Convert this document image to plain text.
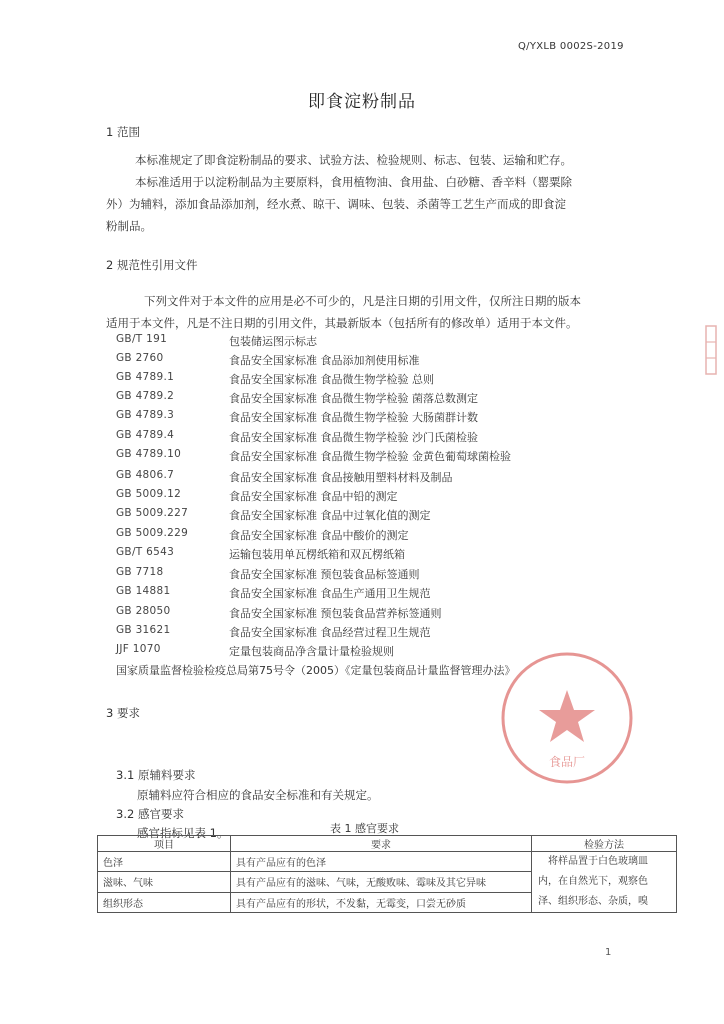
Q/YXLB 0002S-2019
即食淀粉制品
1 范围
本标准规定了即食淀粉制品的要求、试验方法、检验规则、标志、包装、运输和贮存。
本标准适用于以淀粉制品为主要原料，食用植物油、食用盐、白砂糖、香辛料（罂粟除
外）为辅料，添加食品添加剂，经水煮、晾干、调味、包装、杀菌等工艺生产而成的即食淀
粉制品。
2 规范性引用文件
下列文件对于本文件的应用是必不可少的，凡是注日期的引用文件，仅所注日期的版本
适用于本文件，凡是不注日期的引用文件，其最新版本（包括所有的修改单）适用于本文件。
GB/T 191	包装储运图示标志
GB 2760	食品安全国家标准 食品添加剂使用标准
GB 4789.1	食品安全国家标准 食品微生物学检验 总则
GB 4789.2	食品安全国家标准 食品微生物学检验 菌落总数测定
GB 4789.3	食品安全国家标准 食品微生物学检验 大肠菌群计数
GB 4789.4	食品安全国家标准 食品微生物学检验 沙门氏菌检验
GB 4789.10	食品安全国家标准 食品微生物学检验 金黄色葡萄球菌检验
GB 4806.7	食品安全国家标准 食品接触用塑料材料及制品
GB 5009.12	食品安全国家标准 食品中铅的测定
GB 5009.227	食品安全国家标准 食品中过氧化值的测定
GB 5009.229	食品安全国家标准 食品中酸价的测定
GB/T 6543	运输包装用单瓦楞纸箱和双瓦楞纸箱
GB 7718	食品安全国家标准 预包装食品标签通则
GB 14881	食品安全国家标准 食品生产通用卫生规范
GB 28050	食品安全国家标准 预包装食品营养标签通则
GB 31621	食品安全国家标准 食品经营过程卫生规范
JJF 1070	定量包装商品净含量计量检验规则
国家质量监督检验检疫总局第75号令（2005）《定量包装商品计量监督管理办法》
3 要求
3.1 原辅料要求
原辅料应符合相应的食品安全标准和有关规定。
3.2 感官要求
感官指标见表 1。	表 1 感官要求
项目	要求	检验方法
色泽	具有产品应有的色泽	将样品置于白色玻璃皿
内，在自然光下，观察色
泽、组织形态、杂质，嗅

滋味、气味	具有产品应有的滋味、气味，无酸败味、霉味及其它异味	
组织形态	具有产品应有的形状，不发黏，无霉变，口尝无砂质	
食品厂
1
